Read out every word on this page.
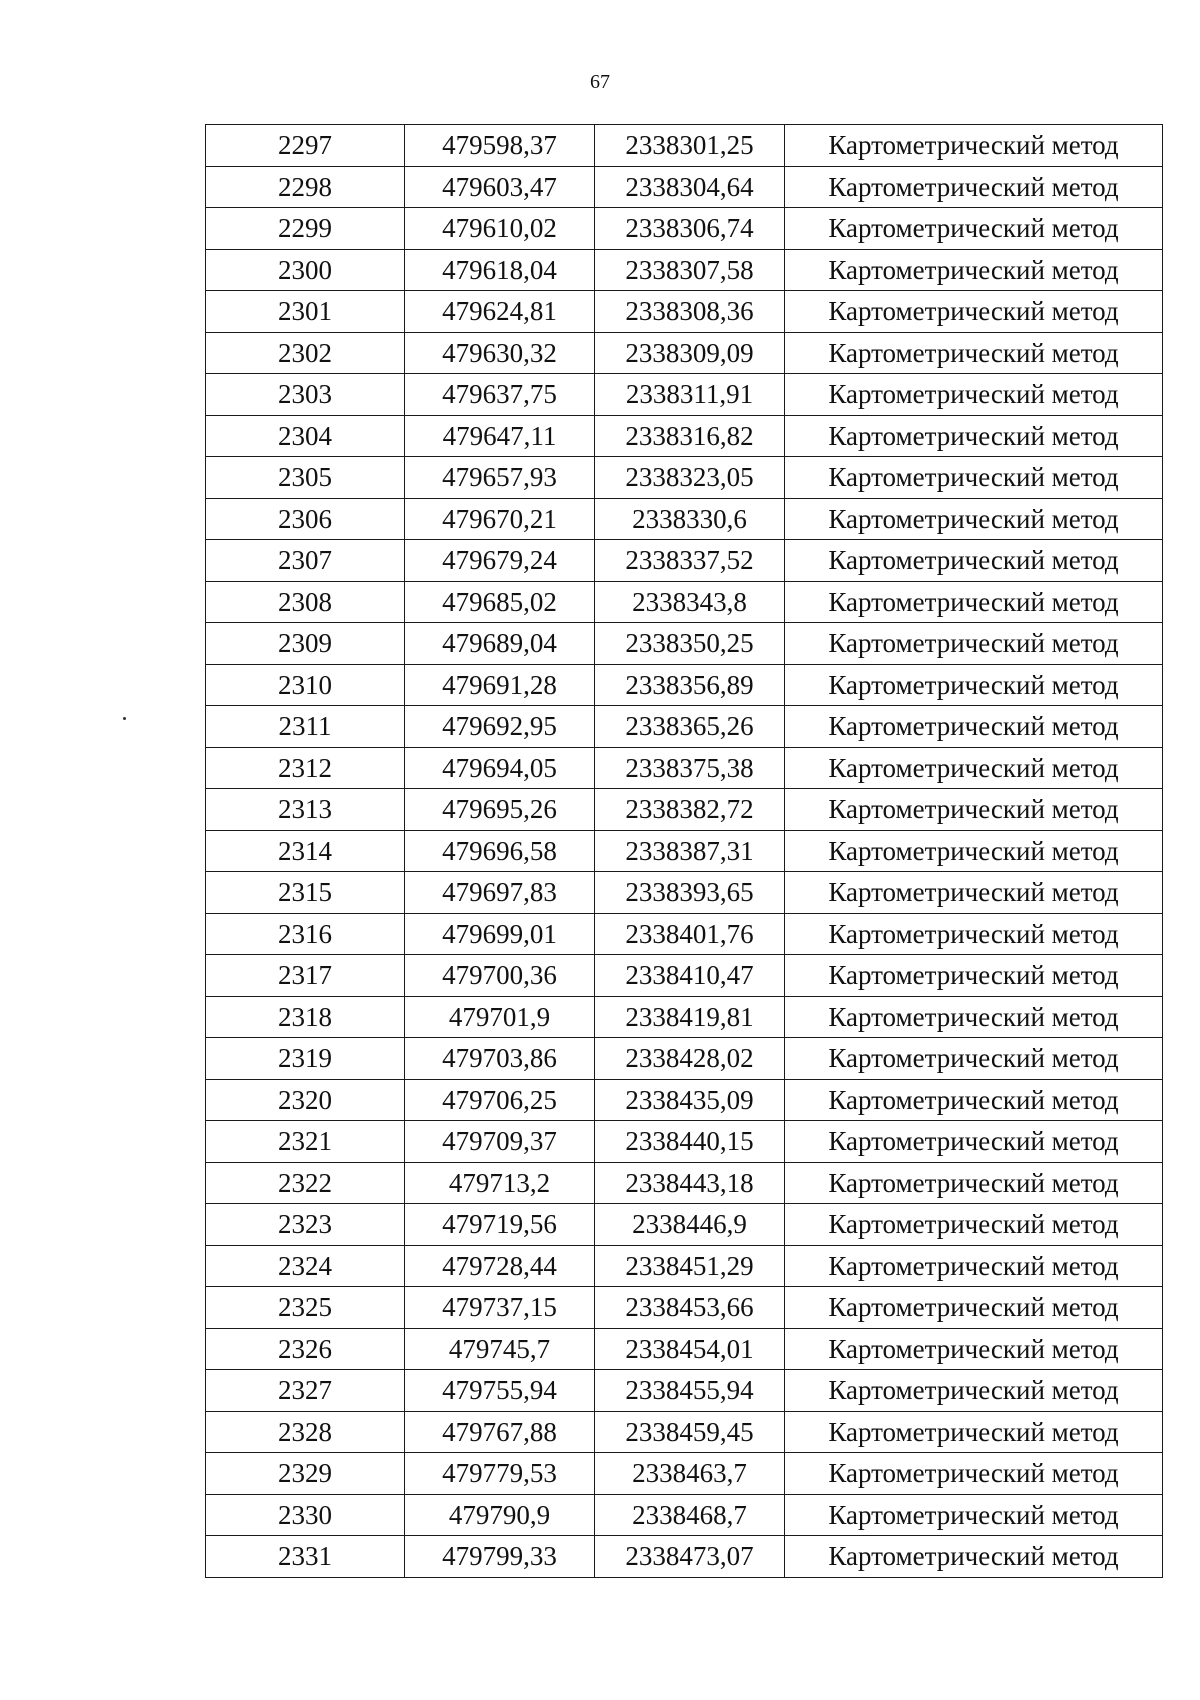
67
2297	479598,37	2338301,25	Картометрический метод
2298	479603,47	2338304,64	Картометрический метод
2299	479610,02	2338306,74	Картометрический метод
2300	479618,04	2338307,58	Картометрический метод
2301	479624,81	2338308,36	Картометрический метод
2302	479630,32	2338309,09	Картометрический метод
2303	479637,75	2338311,91	Картометрический метод
2304	479647,11	2338316,82	Картометрический метод
2305	479657,93	2338323,05	Картометрический метод
2306	479670,21	2338330,6	Картометрический метод
2307	479679,24	2338337,52	Картометрический метод
2308	479685,02	2338343,8	Картометрический метод
2309	479689,04	2338350,25	Картометрический метод
2310	479691,28	2338356,89	Картометрический метод
2311	479692,95	2338365,26	Картометрический метод
2312	479694,05	2338375,38	Картометрический метод
2313	479695,26	2338382,72	Картометрический метод
2314	479696,58	2338387,31	Картометрический метод
2315	479697,83	2338393,65	Картометрический метод
2316	479699,01	2338401,76	Картометрический метод
2317	479700,36	2338410,47	Картометрический метод
2318	479701,9	2338419,81	Картометрический метод
2319	479703,86	2338428,02	Картометрический метод
2320	479706,25	2338435,09	Картометрический метод
2321	479709,37	2338440,15	Картометрический метод
2322	479713,2	2338443,18	Картометрический метод
2323	479719,56	2338446,9	Картометрический метод
2324	479728,44	2338451,29	Картометрический метод
2325	479737,15	2338453,66	Картометрический метод
2326	479745,7	2338454,01	Картометрический метод
2327	479755,94	2338455,94	Картометрический метод
2328	479767,88	2338459,45	Картометрический метод
2329	479779,53	2338463,7	Картометрический метод
2330	479790,9	2338468,7	Картометрический метод
2331	479799,33	2338473,07	Картометрический метод
